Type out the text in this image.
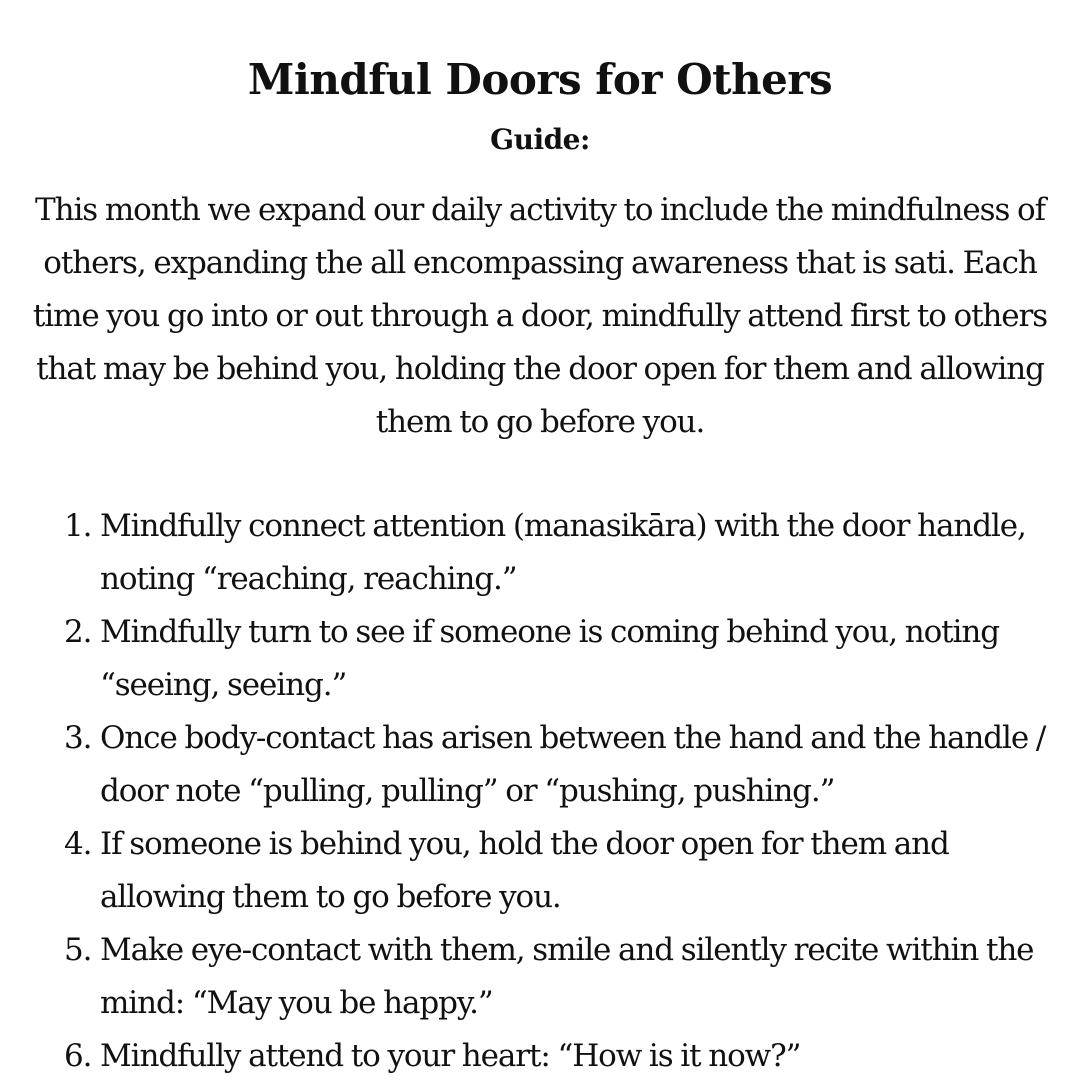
Mindful Doors for Others
Guide:
This month we expand our daily activity to include the mindfulness of others, expanding the all encompassing awareness that is sati. Each time you go into or out through a door, mindfully attend first to others that may be behind you, holding the door open for them and allowing them to go before you.
1. Mindfully connect attention (manasikāra) with the door handle, noting “reaching, reaching.”
2. Mindfully turn to see if someone is coming behind you, noting “seeing, seeing.”
3. Once body-contact has arisen between the hand and the handle / door note “pulling, pulling” or “pushing, pushing.”
4. If someone is behind you, hold the door open for them and allowing them to go before you.
5. Make eye-contact with them, smile and silently recite within the mind: “May you be happy.”
6. Mindfully attend to your heart: “How is it now?”
